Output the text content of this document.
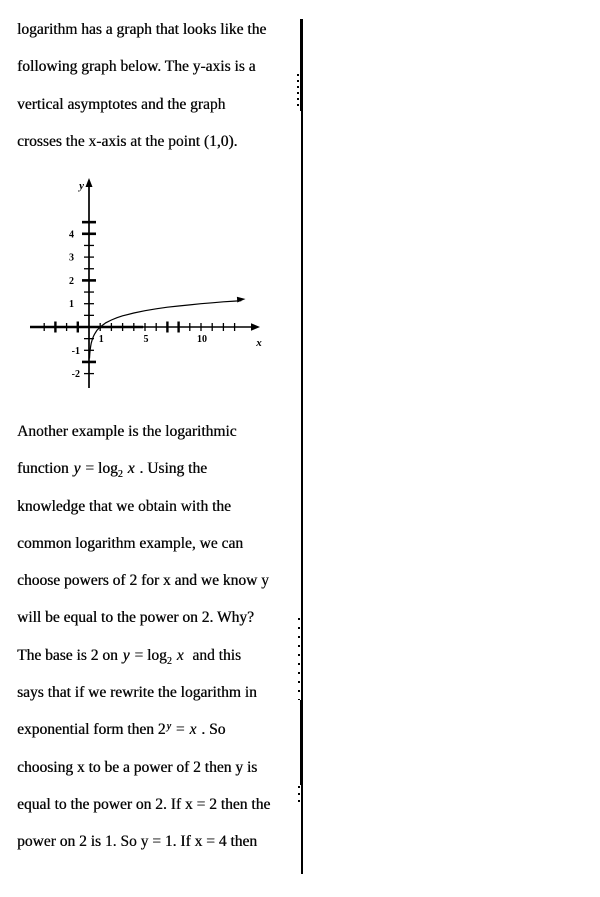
logarithm has a graph that looks like the
following graph below. The y-axis is a
vertical asymptotes and the graph
crosses the x-axis at the point (1,0).
1	5	10
4
3
2
1
-1
-2
y
x
Another example is the logarithmic
function $y = \log_2 x$ . Using the
knowledge that we obtain with the
common logarithm example, we can
choose powers of 2 for x and we know y
will be equal to the power on 2. Why?
The base is 2 on $y = \log_2 x$  and this
says that if we rewrite the logarithm in
exponential form then $2^y = x$ . So
choosing x to be a power of 2 then y is
equal to the power on 2. If x = 2 then the
power on 2 is 1. So y = 1. If x = 4 then
